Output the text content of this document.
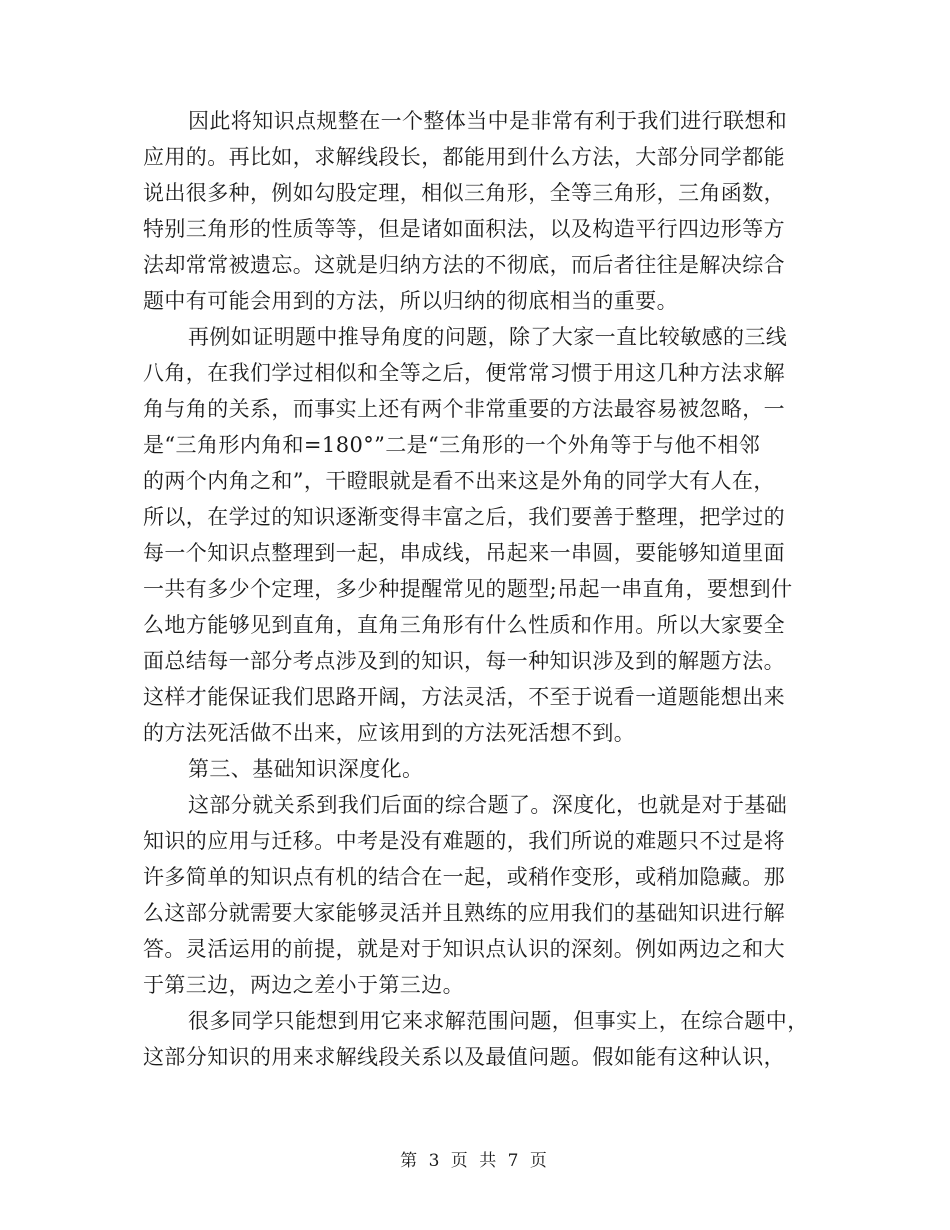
因此将知识点规整在一个整体当中是非常有利于我们进行联想和
应用的。再比如，求解线段长，都能用到什么方法，大部分同学都能
说出很多种，例如勾股定理，相似三角形，全等三角形，三角函数，
特别三角形的性质等等，但是诸如面积法，以及构造平行四边形等方
法却常常被遗忘。这就是归纳方法的不彻底，而后者往往是解决综合
题中有可能会用到的方法，所以归纳的彻底相当的重要。
再例如证明题中推导角度的问题，除了大家一直比较敏感的三线
八角，在我们学过相似和全等之后，便常常习惯于用这几种方法求解
角与角的关系，而事实上还有两个非常重要的方法最容易被忽略，一
是“三角形内角和=180°”二是“三角形的一个外角等于与他不相邻
的两个内角之和”，干瞪眼就是看不出来这是外角的同学大有人在，
所以，在学过的知识逐渐变得丰富之后，我们要善于整理，把学过的
每一个知识点整理到一起，串成线，吊起来一串圆，要能够知道里面
一共有多少个定理，多少种提醒常见的题型;吊起一串直角，要想到什
么地方能够见到直角，直角三角形有什么性质和作用。所以大家要全
面总结每一部分考点涉及到的知识，每一种知识涉及到的解题方法。
这样才能保证我们思路开阔，方法灵活，不至于说看一道题能想出来
的方法死活做不出来，应该用到的方法死活想不到。
第三、基础知识深度化。
这部分就关系到我们后面的综合题了。深度化，也就是对于基础
知识的应用与迁移。中考是没有难题的，我们所说的难题只不过是将
许多简单的知识点有机的结合在一起，或稍作变形，或稍加隐藏。那
么这部分就需要大家能够灵活并且熟练的应用我们的基础知识进行解
答。灵活运用的前提，就是对于知识点认识的深刻。例如两边之和大
于第三边，两边之差小于第三边。
很多同学只能想到用它来求解范围问题，但事实上，在综合题中，
这部分知识的用来求解线段关系以及最值问题。假如能有这种认识，
第 3 页 共 7 页
